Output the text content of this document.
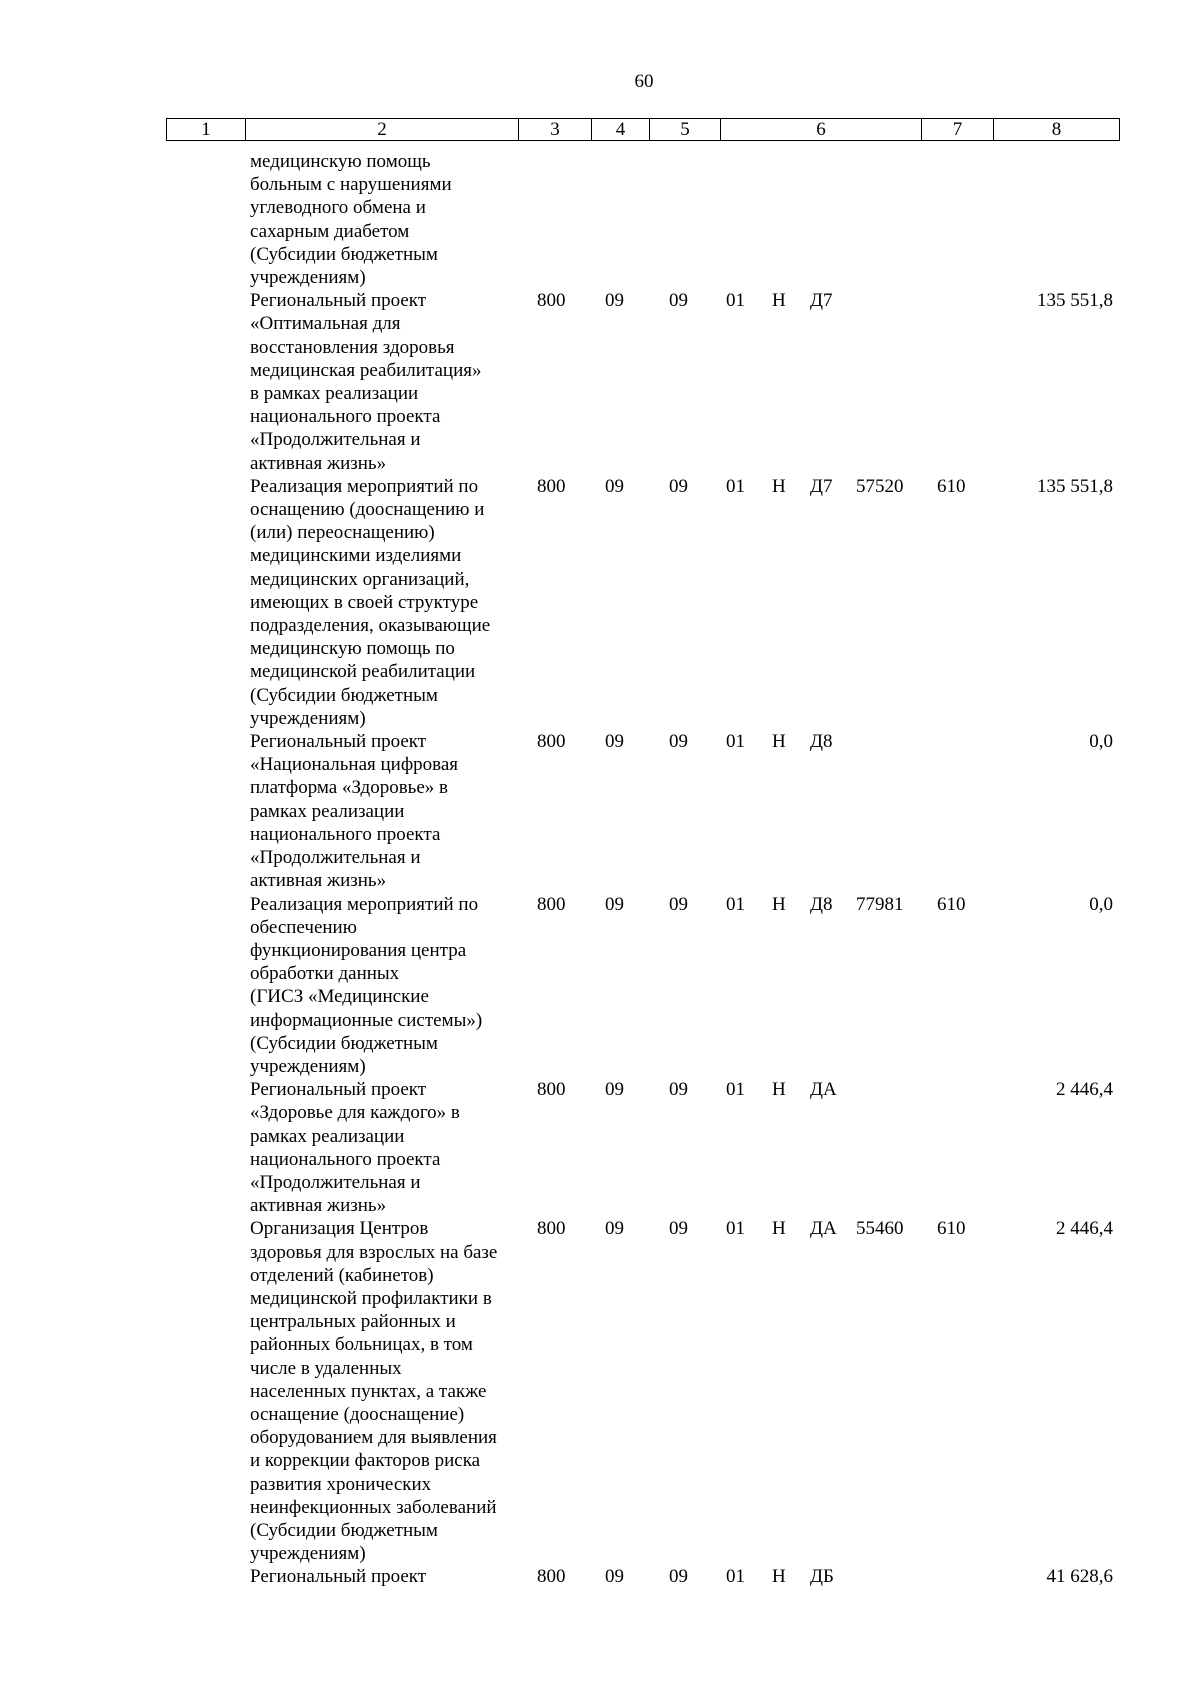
60
1	2	3	4	5	6	7	8
медицинскую помощь
больным с нарушениями
углеводного обмена и
сахарным диабетом
(Субсидии бюджетным
учреждениям)
Региональный проект
«Оптимальная для
восстановления здоровья
медицинская реабилитация»
в рамках реализации
национального проекта
«Продолжительная и
активная жизнь»
800 09 09 01 Н Д7	135 551,8
Реализация мероприятий по
оснащению (дооснащению и
(или) переоснащению)
медицинскими изделиями
медицинских организаций,
имеющих в своей структуре
подразделения, оказывающие
медицинскую помощь по
медицинской реабилитации
(Субсидии бюджетным
учреждениям)
800 09 09 01 Н Д7 57520 610	135 551,8
Региональный проект
«Национальная цифровая
платформа «Здоровье» в
рамках реализации
национального проекта
«Продолжительная и
активная жизнь»
800 09 09 01 Н Д8	0,0
Реализация мероприятий по
обеспечению
функционирования центра
обработки данных
(ГИСЗ «Медицинские
информационные системы»)
(Субсидии бюджетным
учреждениям)
800 09 09 01 Н Д8 77981 610	0,0
Региональный проект
«Здоровье для каждого» в
рамках реализации
национального проекта
«Продолжительная и
активная жизнь»
800 09 09 01 Н ДА	2 446,4
Организация Центров
здоровья для взрослых на базе
отделений (кабинетов)
медицинской профилактики в
центральных районных и
районных больницах, в том
числе в удаленных
населенных пунктах, а также
оснащение (дооснащение)
оборудованием для выявления
и коррекции факторов риска
развития хронических
неинфекционных заболеваний
(Субсидии бюджетным
учреждениям)
800 09 09 01 Н ДА 55460 610	2 446,4
Региональный проект	800 09 09 01 Н ДБ	41 628,6
